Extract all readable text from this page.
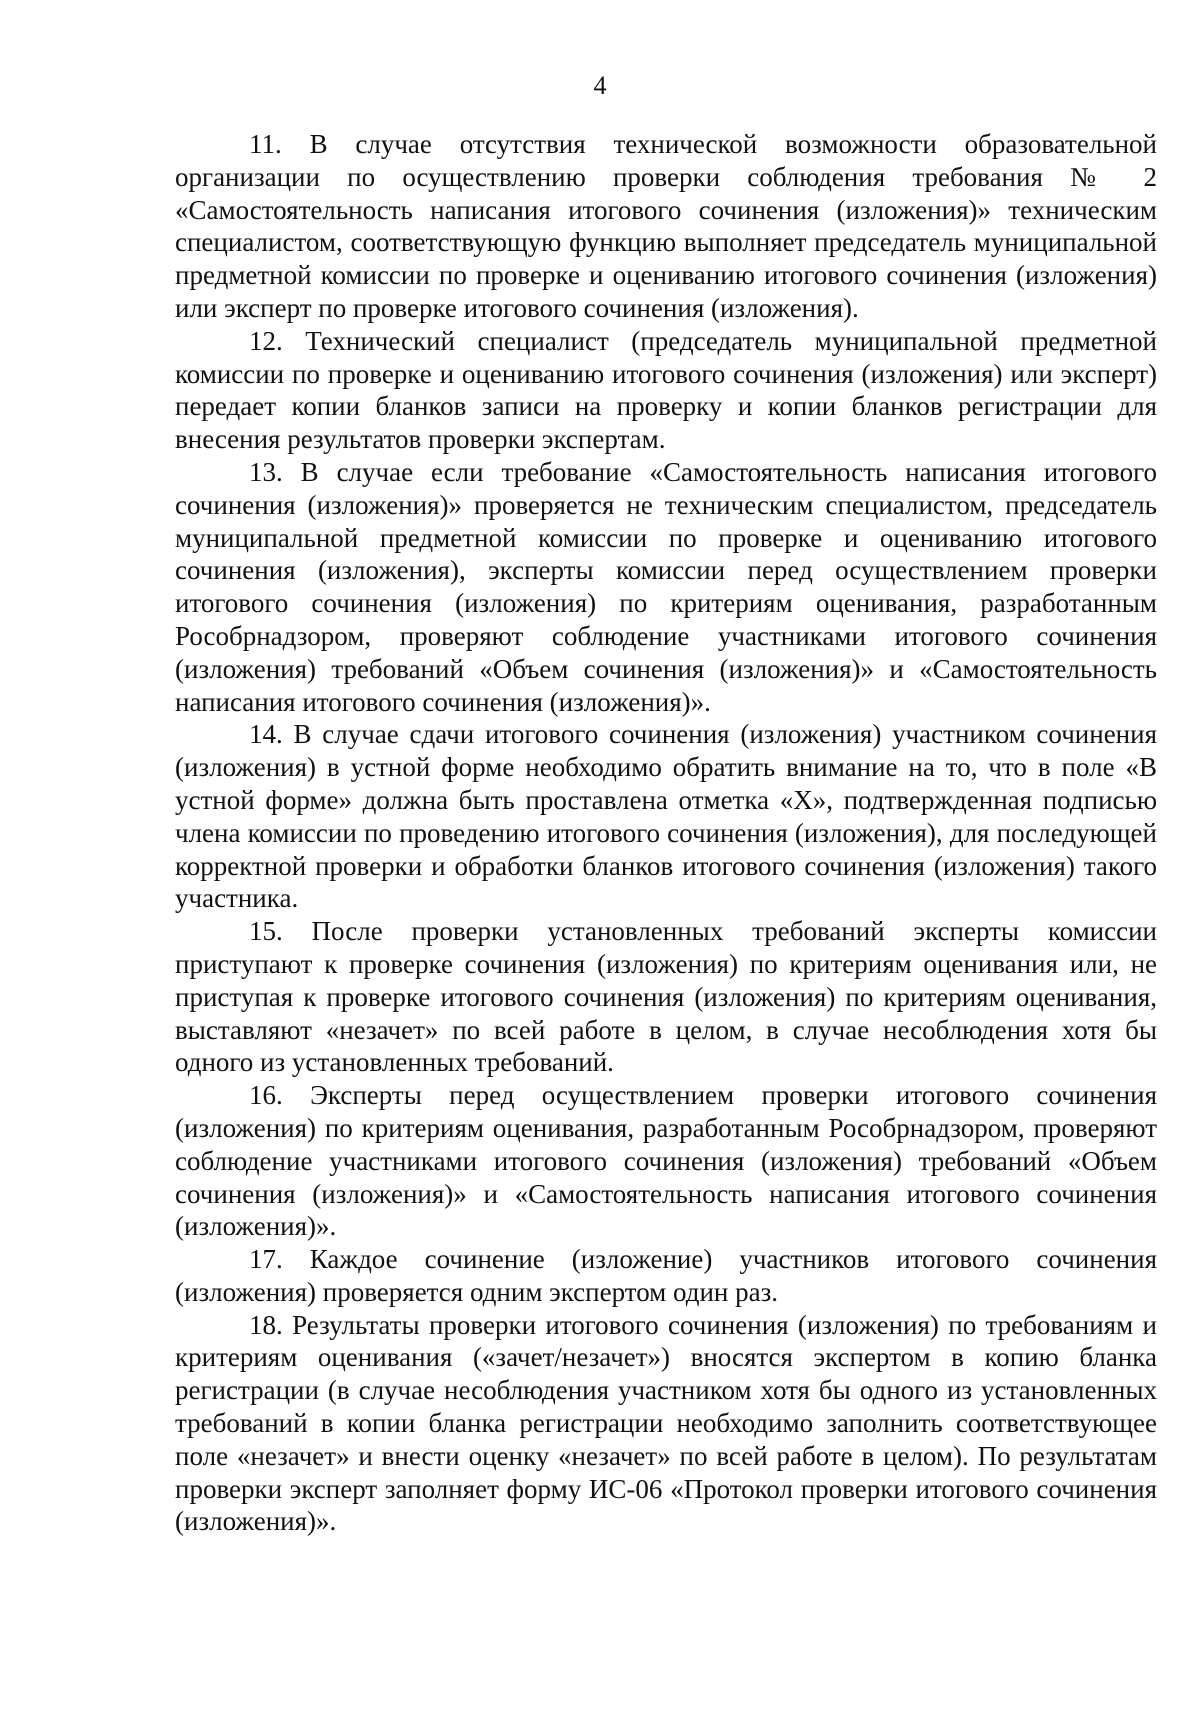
4

11. В случае отсутствия технической возможности образовательной организации по осуществлению проверки соблюдения требования № 2 «Самостоятельность написания итогового сочинения (изложения)» техническим специалистом, соответствующую функцию выполняет председатель муниципальной предметной комиссии по проверке и оцениванию итогового сочинения (изложения) или эксперт по проверке итогового сочинения (изложения).

12. Технический специалист (председатель муниципальной предметной комиссии по проверке и оцениванию итогового сочинения (изложения) или эксперт) передает копии бланков записи на проверку и копии бланков регистрации для внесения результатов проверки экспертам.

13. В случае если требование «Самостоятельность написания итогового сочинения (изложения)» проверяется не техническим специалистом, председатель муниципальной предметной комиссии по проверке и оцениванию итогового сочинения (изложения), эксперты комиссии перед осуществлением проверки итогового сочинения (изложения) по критериям оценивания, разработанным Рособрнадзором, проверяют соблюдение участниками итогового сочинения (изложения) требований «Объем сочинения (изложения)» и «Самостоятельность написания итогового сочинения (изложения)».

14. В случае сдачи итогового сочинения (изложения) участником сочинения (изложения) в устной форме необходимо обратить внимание на то, что в поле «В устной форме» должна быть проставлена отметка «X», подтвержденная подписью члена комиссии по проведению итогового сочинения (изложения), для последующей корректной проверки и обработки бланков итогового сочинения (изложения) такого участника.

15. После проверки установленных требований эксперты комиссии приступают к проверке сочинения (изложения) по критериям оценивания или, не приступая к проверке итогового сочинения (изложения) по критериям оценивания, выставляют «незачет» по всей работе в целом, в случае несоблюдения хотя бы одного из установленных требований.

16. Эксперты перед осуществлением проверки итогового сочинения (изложения) по критериям оценивания, разработанным Рособрнадзором, проверяют соблюдение участниками итогового сочинения (изложения) требований «Объем сочинения (изложения)» и «Самостоятельность написания итогового сочинения (изложения)».

17. Каждое сочинение (изложение) участников итогового сочинения (изложения) проверяется одним экспертом один раз.

18. Результаты проверки итогового сочинения (изложения) по требованиям и критериям оценивания («зачет/незачет») вносятся экспертом в копию бланка регистрации (в случае несоблюдения участником хотя бы одного из установленных требований в копии бланка регистрации необходимо заполнить соответствующее поле «незачет» и внести оценку «незачет» по всей работе в целом). По результатам проверки эксперт заполняет форму ИС-06 «Протокол проверки итогового сочинения (изложения)».
